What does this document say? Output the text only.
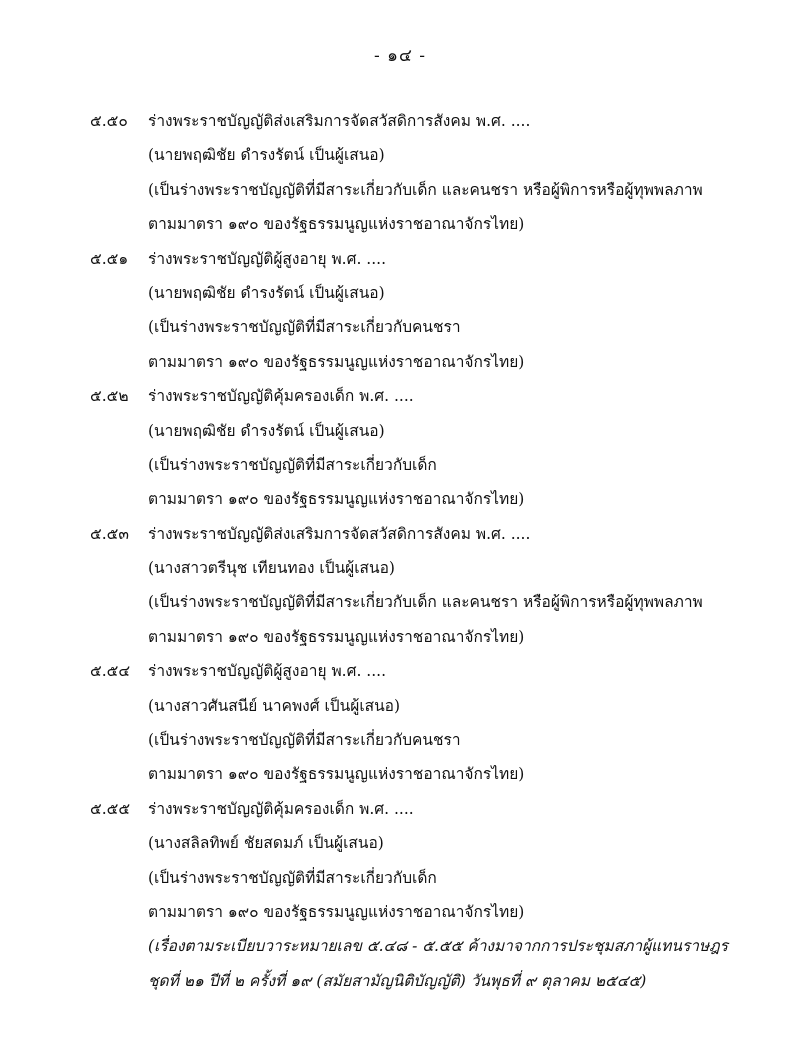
- ๑๔ -
๕.๕๐	ร่างพระราชบัญญัติส่งเสริมการจัดสวัสดิการสังคม พ.ศ. ....
(นายพฤฒิชัย ดำรงรัตน์ เป็นผู้เสนอ)
(เป็นร่างพระราชบัญญัติที่มีสาระเกี่ยวกับเด็ก และคนชรา หรือผู้พิการหรือผู้ทุพพลภาพ
ตามมาตรา ๑๙๐ ของรัฐธรรมนูญแห่งราชอาณาจักรไทย)
๕.๕๑	ร่างพระราชบัญญัติผู้สูงอายุ พ.ศ. ....
(นายพฤฒิชัย ดำรงรัตน์ เป็นผู้เสนอ)
(เป็นร่างพระราชบัญญัติที่มีสาระเกี่ยวกับคนชรา
ตามมาตรา ๑๙๐ ของรัฐธรรมนูญแห่งราชอาณาจักรไทย)
๕.๕๒	ร่างพระราชบัญญัติคุ้มครองเด็ก พ.ศ. ....
(นายพฤฒิชัย ดำรงรัตน์ เป็นผู้เสนอ)
(เป็นร่างพระราชบัญญัติที่มีสาระเกี่ยวกับเด็ก
ตามมาตรา ๑๙๐ ของรัฐธรรมนูญแห่งราชอาณาจักรไทย)
๕.๕๓	ร่างพระราชบัญญัติส่งเสริมการจัดสวัสดิการสังคม พ.ศ. ....
(นางสาวตรีนุช เทียนทอง เป็นผู้เสนอ)
(เป็นร่างพระราชบัญญัติที่มีสาระเกี่ยวกับเด็ก และคนชรา หรือผู้พิการหรือผู้ทุพพลภาพ
ตามมาตรา ๑๙๐ ของรัฐธรรมนูญแห่งราชอาณาจักรไทย)
๕.๕๔	ร่างพระราชบัญญัติผู้สูงอายุ พ.ศ. ....
(นางสาวศันสนีย์ นาคพงศ์ เป็นผู้เสนอ)
(เป็นร่างพระราชบัญญัติที่มีสาระเกี่ยวกับคนชรา
ตามมาตรา ๑๙๐ ของรัฐธรรมนูญแห่งราชอาณาจักรไทย)
๕.๕๕	ร่างพระราชบัญญัติคุ้มครองเด็ก พ.ศ. ....
(นางสลิลทิพย์ ชัยสดมภ์ เป็นผู้เสนอ)
(เป็นร่างพระราชบัญญัติที่มีสาระเกี่ยวกับเด็ก
ตามมาตรา ๑๙๐ ของรัฐธรรมนูญแห่งราชอาณาจักรไทย)
(เรื่องตามระเบียบวาระหมายเลข ๕.๔๘ - ๕.๕๕ ค้างมาจากการประชุมสภาผู้แทนราษฎร
ชุดที่ ๒๑ ปีที่ ๒ ครั้งที่ ๑๙ (สมัยสามัญนิติบัญญัติ) วันพุธที่ ๙ ตุลาคม ๒๕๔๕)
